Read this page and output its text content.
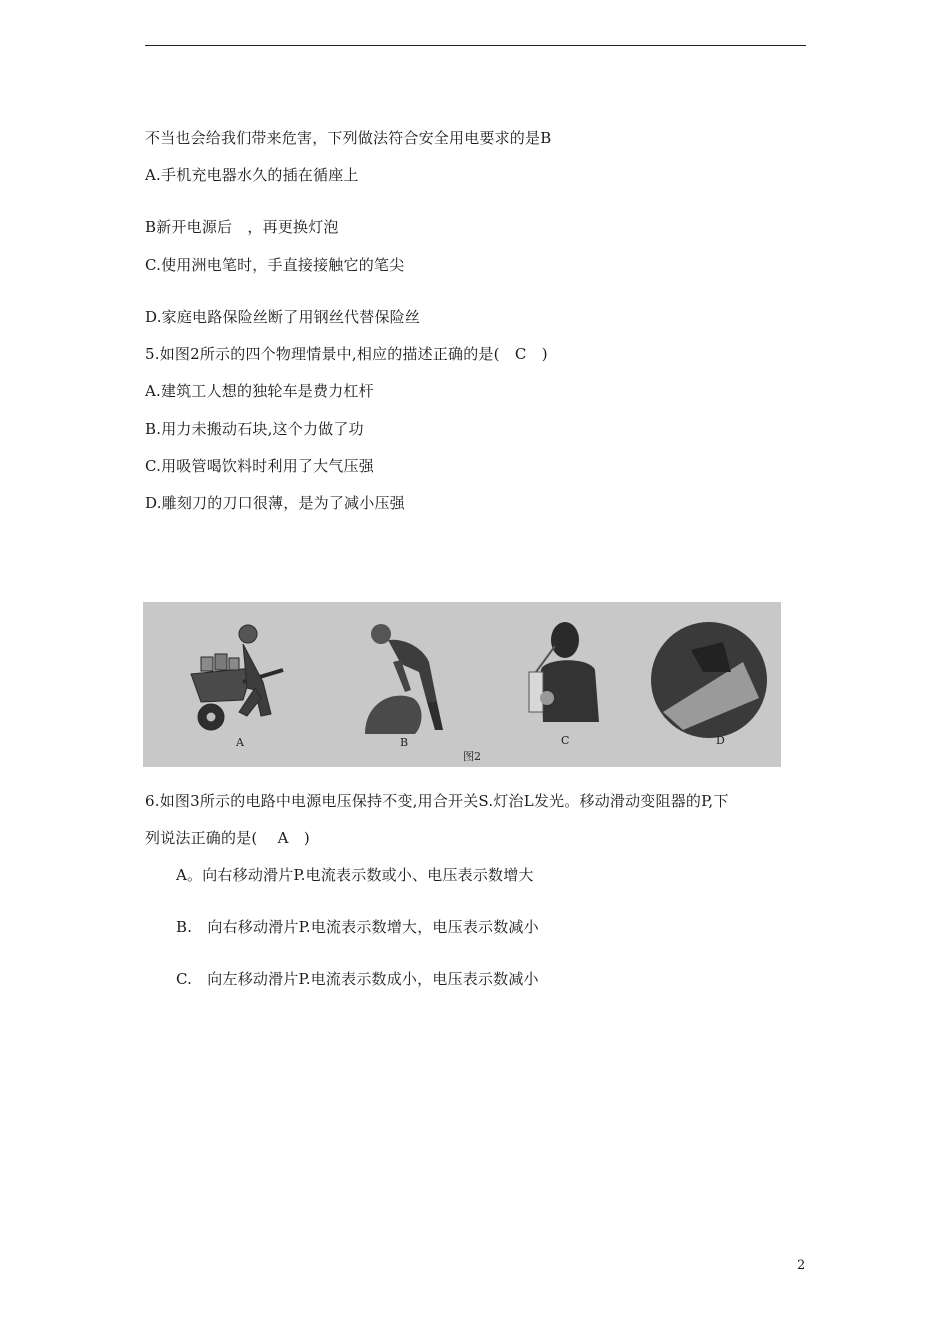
不当也会给我们带来危害，下列做法符合安全用电要求的是B
A.手机充电器水久的插在循座上
B新开电源后　，再更换灯泡
C.使用洲电笔时，手直接接触它的笔尖
D.家庭电路保险丝断了用钢丝代替保险丝
5.如图2所示的四个物理情景中,相应的描述正确的是(　C　)
A.建筑工人想的独轮车是费力杠杆
B.用力未搬动石块,这个力做了功
C.用吸管喝饮料时利用了大气压强
D.雕刻刀的刀口很薄，是为了减小压强
A	B	C	D
图2
6.如图3所示的电路中电源电压保持不变,用合开关S.灯治L发光。移动滑动变阻器的P,下
列说法正确的是(　 A　)
A。向右移动滑片P.电流表示数或小、电压表示数增大
B.　向右移动滑片P.电流表示数增大，电压表示数减小
C.　向左移动滑片P.电流表示数成小，电压表示数减小
2
